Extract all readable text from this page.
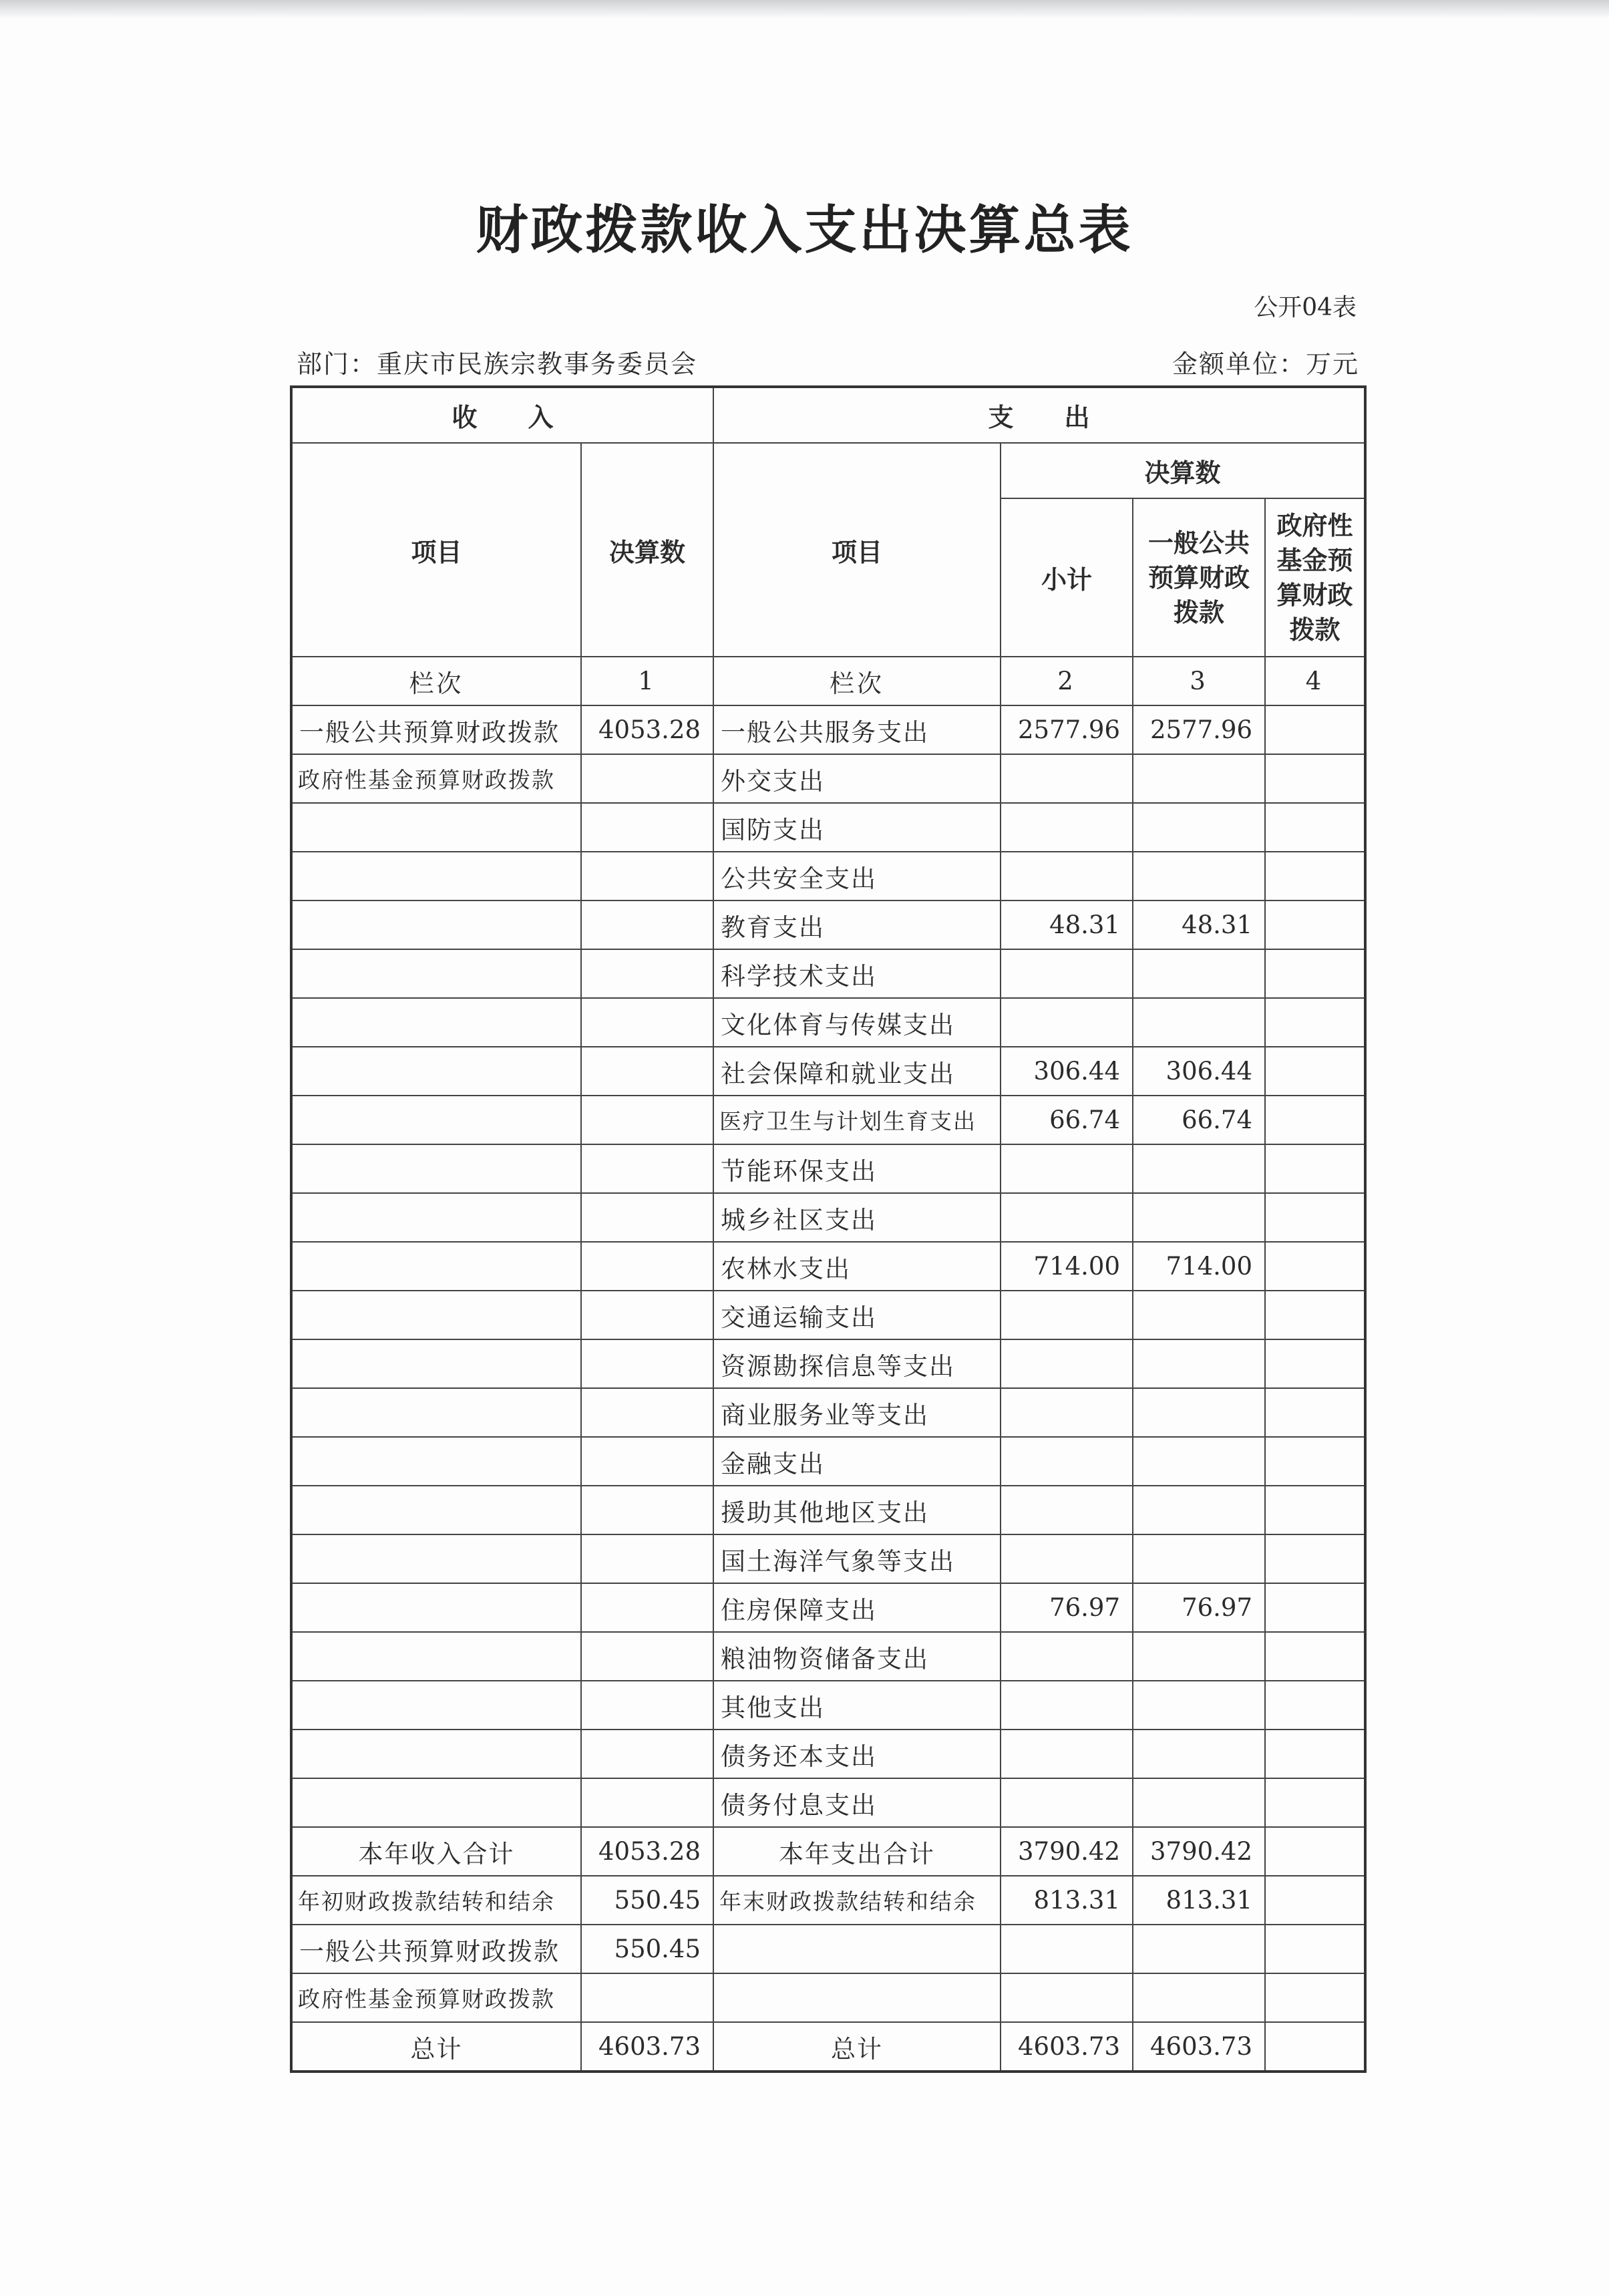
财政拨款收入支出决算总表
公开04表
部门：重庆市民族宗教事务委员会	金额单位：万元
收　　入		支　　出			
项目	决算数	项目	决算数		
			小计	一般公共预算财政拨款	政府性基金预算财政拨款
栏次	1	栏次	2	3	4
一般公共预算财政拨款	4053.28	一般公共服务支出	2577.96	2577.96	
政府性基金预算财政拨款		外交支出			
		国防支出			
		公共安全支出			
		教育支出	48.31	48.31	
		科学技术支出			
		文化体育与传媒支出			
		社会保障和就业支出	306.44	306.44	
		医疗卫生与计划生育支出	66.74	66.74	
		节能环保支出			
		城乡社区支出			
		农林水支出	714.00	714.00	
		交通运输支出			
		资源勘探信息等支出			
		商业服务业等支出			
		金融支出			
		援助其他地区支出			
		国土海洋气象等支出			
		住房保障支出	76.97	76.97	
		粮油物资储备支出			
		其他支出			
		债务还本支出			
		债务付息支出			
本年收入合计	4053.28	本年支出合计	3790.42	3790.42	
年初财政拨款结转和结余	550.45	年末财政拨款结转和结余	813.31	813.31	
一般公共预算财政拨款	550.45				
政府性基金预算财政拨款					
总计	4603.73	总计	4603.73	4603.73	
